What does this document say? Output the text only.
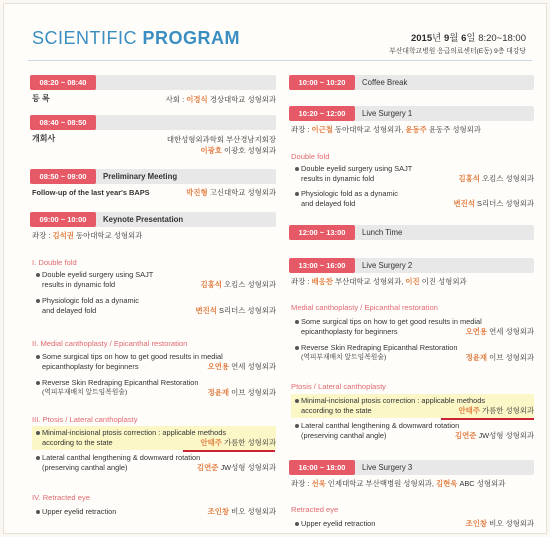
SCIENTIFIC PROGRAM	2015년 9월 6일 8:20~18:00
부산대학교병원 응급의료센터(E동) 9층 대강당
08:20 ~ 08:40
등 록	사회 : 이경식 경상대학교 성형외과
08:40 ~ 08:50
개회사	대한성형외과학회 부산경남지회장
이광호 이광호 성형외과
08:50 ~ 09:00	Preliminary Meeting
Follow-up of the last year's BAPS	박진형 고신대학교 성형외과
09:00 ~ 10:00	Keynote Presentation
좌장 : 김석권 동아대학교 성형외과
I. Double fold
Double eyelid surgery using SAJT
results in dynamic fold	김홍석 오킴스 성형외과
Physiologic fold as a dynamic
and delayed fold	변진석 S리더스 성형외과
II. Medial canthoplasty / Epicanthal restoration
Some surgical tips on how to get good results in medial
epicanthoplasty for beginners	오연용 연세 성형외과
Reverse Skin Redraping Epicanthal Restoration
(역피부재배치 앞트임복원술)	정윤재 이브 성형외과
III. Ptosis / Lateral canthoplasty
Minimal-incisional ptosis correction : applicable methods
according to the state	안태주 가름한 성형외과
Lateral canthal lengthening & downward rotation
(preserving canthal angle)	김연준 JW성형 성형외과
IV. Retracted eye
Upper eyelid retraction	조인창 비오 성형외과
10:00 ~ 10:20	Coffee Break
10:20 ~ 12:00	Live Surgery 1
좌장 : 이근철 동아대학교 성형외과, 윤동주 윤동주 성형외과
Double fold
Double eyelid surgery using SAJT
results in dynamic fold	김홍석 오킴스 성형외과
Physiologic fold as a dynamic
and delayed fold	변진석 S리더스 성형외과
12:00 ~ 13:00	Lunch Time
13:00 ~ 16:00	Live Surgery 2
좌장 : 배응찬 부산대학교 성형외과, 이진 이진 성형외과
Medial canthoplasty / Epicanthal restoration
Some surgical tips on how to get good results in medial
epicanthoplasty for beginners	오연용 연세 성형외과
Reverse Skin Redraping Epicanthal Restoration
(역피부재배치 앞트임복원술)	정윤재 이브 성형외과
Ptosis / Lateral canthoplasty
Minimal-incisional ptosis correction : applicable methods
according to the state	안태주 가름한 성형외과
Lateral canthal lengthening & downward rotation
(preserving canthal angle)	김연준 JW성형 성형외과
16:00 ~ 18:00	Live Surgery 3
좌장 : 선욱 인제대학교 부산백병원 성형외과, 김현욱 ABC 성형외과
Retracted eye
Upper eyelid retraction	조인창 비오 성형외과
